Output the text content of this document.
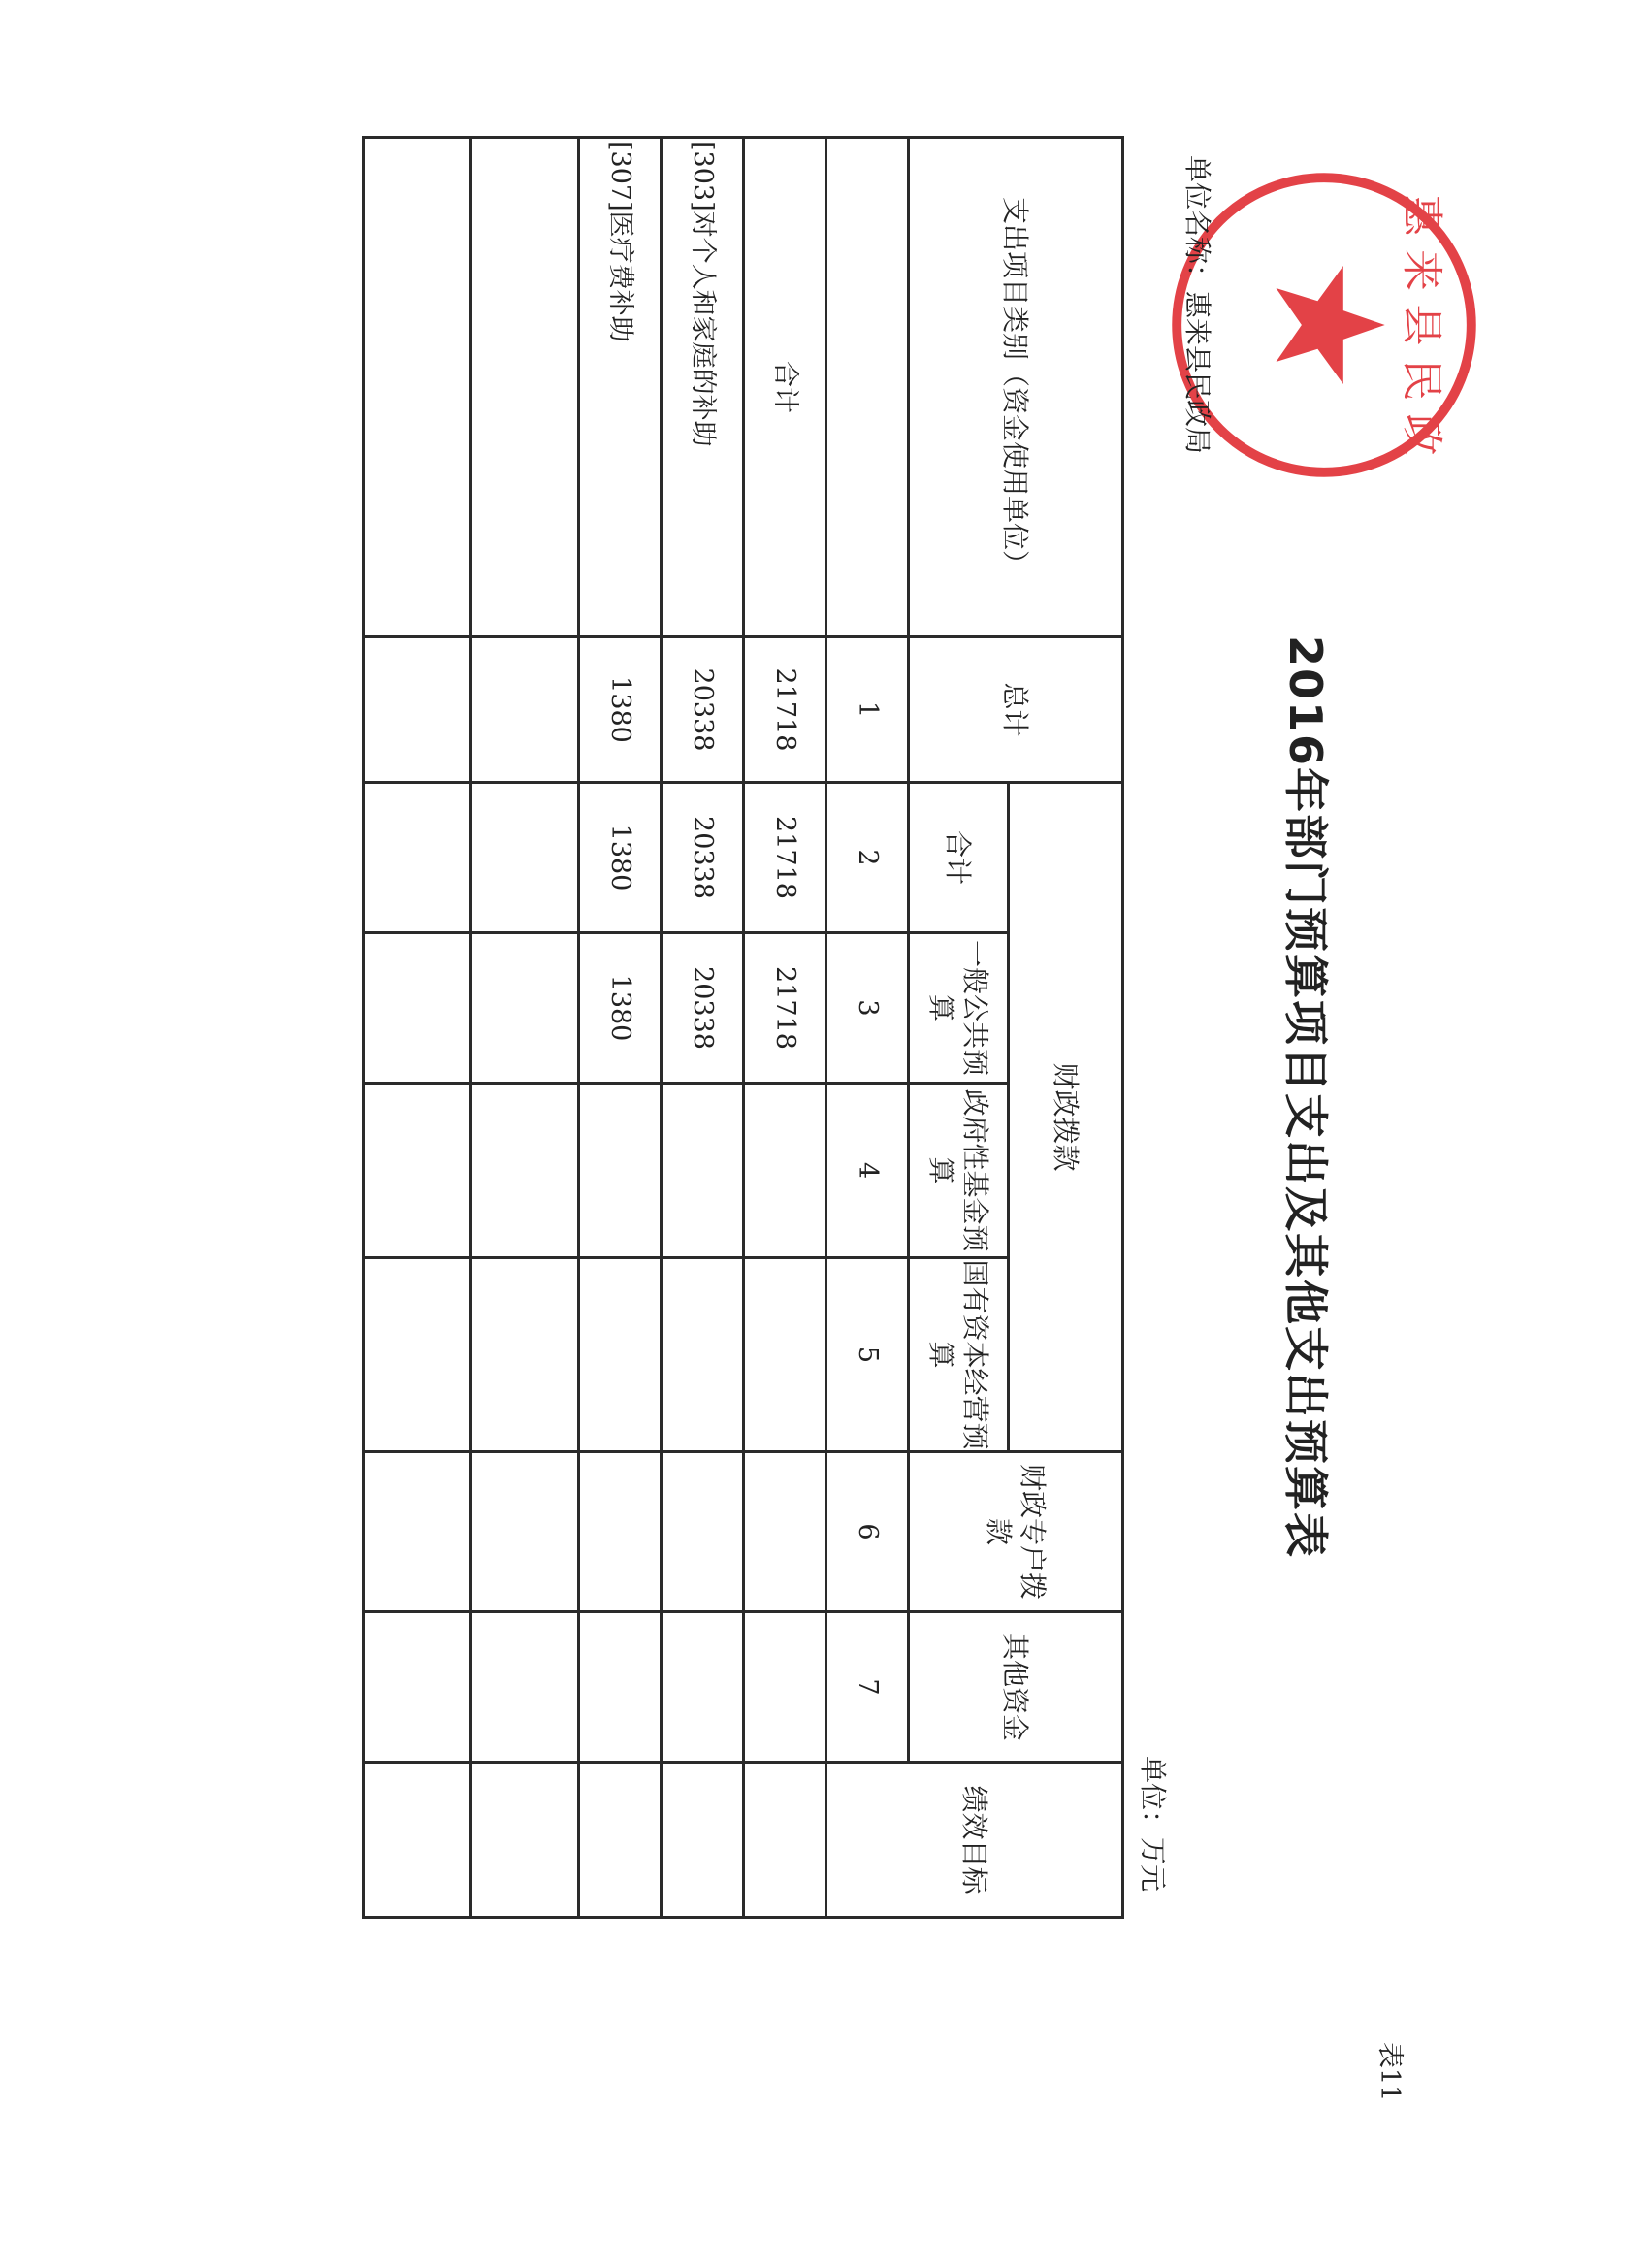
表11
2016年部门预算项目支出及其他支出预算表
惠 来 县 民 政
单位名称：惠来县民政局
单位：万元
支出项目类别（资金使用单位）	总计	财政拨款				财政专户拨款	其他资金	绩效目标
		合计	一般公共预算	政府性基金预算	国有资本经营预算			
	1	2	3	4	5	6	7	
合计	21718	21718	21718					
[303]对个人和家庭的补助	20338	20338	20338					
[307]医疗费补助	1380	1380	1380					
